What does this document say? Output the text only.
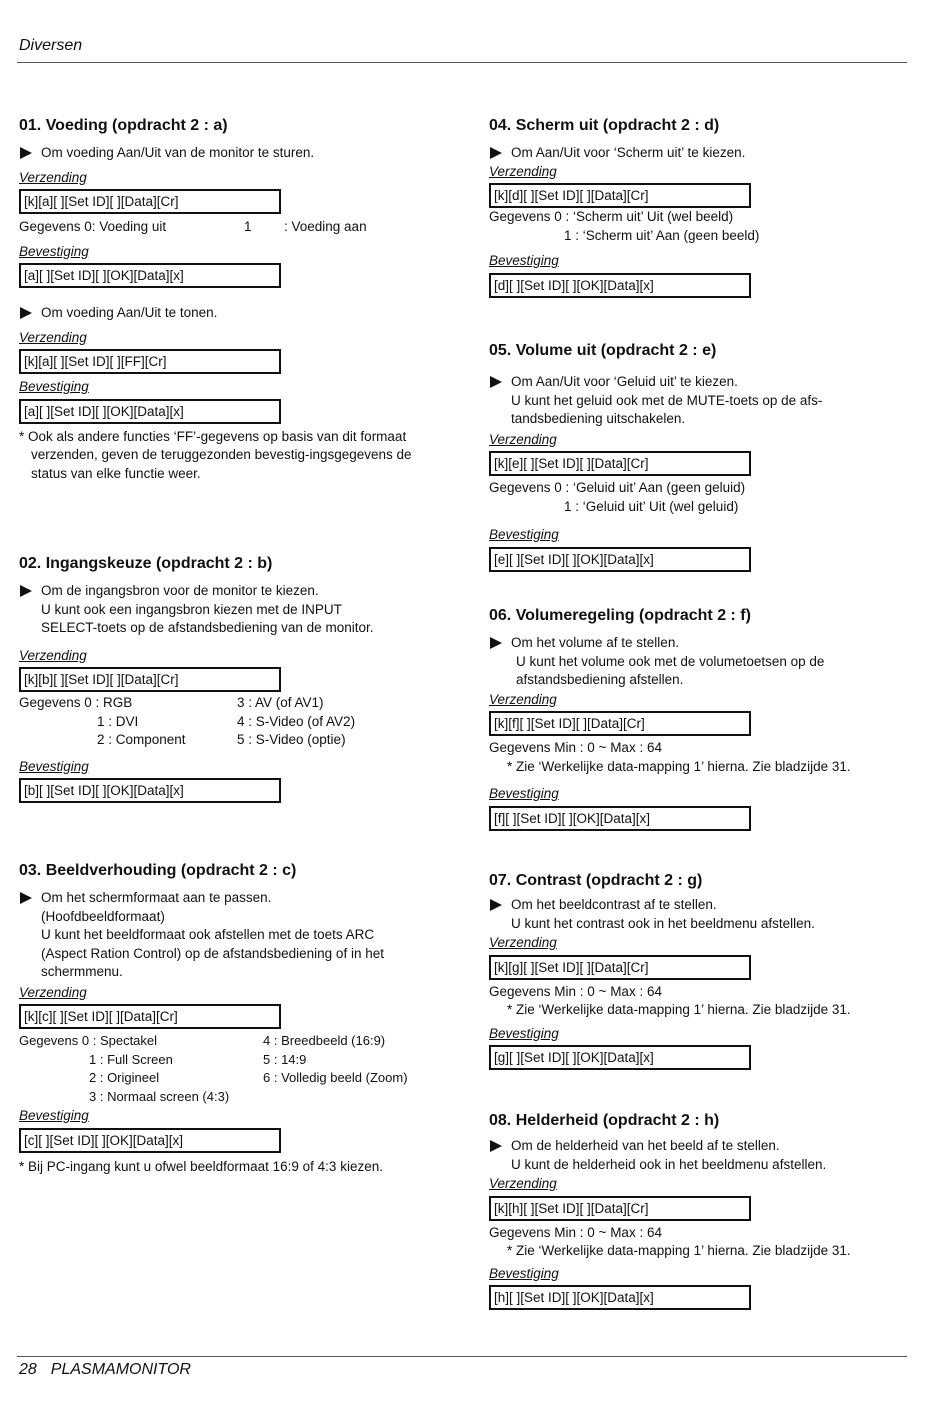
Diversen
01. Voeding (opdracht 2 : a)
Om voeding Aan/Uit van de monitor te sturen.
Verzending
[k][a][ ][Set ID][ ][Data][Cr]
Gegevens 0: Voeding uit	1	: Voeding aan
Bevestiging
[a][ ][Set ID][ ][OK][Data][x]
Om voeding Aan/Uit te tonen.
Verzending
[k][a][ ][Set ID][ ][FF][Cr]
Bevestiging
[a][ ][Set ID][ ][OK][Data][x]
* Ook als andere functies ‘FF’-gegevens op basis van dit formaat verzenden, geven de teruggezonden bevestig-ingsgegevens de status van elke functie weer.
02. Ingangskeuze (opdracht 2 : b)
Om de ingangsbron voor de monitor te kiezen.
U kunt ook een ingangsbron kiezen met de INPUT
SELECT-toets op de afstandsbediening van de monitor.
Verzending
[k][b][ ][Set ID][ ][Data][Cr]
Gegevens 0 : RGB	3 : AV (of AV1)
1 : DVI	4 : S-Video (of AV2)
2 : Component	5 : S-Video (optie)
Bevestiging
[b][ ][Set ID][ ][OK][Data][x]
03. Beeldverhouding (opdracht 2 : c)
Om het schermformaat aan te passen.
(Hoofdbeeldformaat)
U kunt het beeldformaat ook afstellen met de toets ARC
(Aspect Ration Control) op de afstandsbediening of in het
schermmenu.
Verzending
[k][c][ ][Set ID][ ][Data][Cr]
Gegevens 0 : Spectakel	4 : Breedbeeld (16:9)
1 : Full Screen	5 : 14:9
2 : Origineel	6 : Volledig beeld (Zoom)
3 : Normaal screen (4:3)
Bevestiging
[c][ ][Set ID][ ][OK][Data][x]
* Bij PC-ingang kunt u ofwel beeldformaat 16:9 of 4:3 kiezen.
04. Scherm uit (opdracht 2 : d)
Om Aan/Uit voor ‘Scherm uit’ te kiezen.
Verzending
[k][d][ ][Set ID][ ][Data][Cr]
Gegevens 0 : ‘Scherm uit’ Uit (wel beeld)
1 : ‘Scherm uit’ Aan (geen beeld)
Bevestiging
[d][ ][Set ID][ ][OK][Data][x]
05. Volume uit (opdracht 2 : e)
Om Aan/Uit voor ‘Geluid uit’ te kiezen.
U kunt het geluid ook met de MUTE-toets op de afs-
tandsbediening uitschakelen.
Verzending
[k][e][ ][Set ID][ ][Data][Cr]
Gegevens 0 : ‘Geluid uit’ Aan (geen geluid)
1 : ‘Geluid uit’ Uit (wel geluid)
Bevestiging
[e][ ][Set ID][ ][OK][Data][x]
06. Volumeregeling (opdracht 2 : f)
Om het volume af te stellen.
U kunt het volume ook met de volumetoetsen op de
afstandsbediening afstellen.
Verzending
[k][f][ ][Set ID][ ][Data][Cr]
Gegevens Min : 0 ~ Max : 64
* Zie ‘Werkelijke data-mapping 1’ hierna. Zie bladzijde 31.
Bevestiging
[f][ ][Set ID][ ][OK][Data][x]
07. Contrast (opdracht 2 : g)
Om het beeldcontrast af te stellen.
U kunt het contrast ook in het beeldmenu afstellen.
Verzending
[k][g][ ][Set ID][ ][Data][Cr]
Gegevens Min : 0 ~ Max : 64
* Zie ‘Werkelijke data-mapping 1’ hierna. Zie bladzijde 31.
Bevestiging
[g][ ][Set ID][ ][OK][Data][x]
08. Helderheid (opdracht 2 : h)
Om de helderheid van het beeld af te stellen.
U kunt de helderheid ook in het beeldmenu afstellen.
Verzending
[k][h][ ][Set ID][ ][Data][Cr]
Gegevens Min : 0 ~ Max : 64
* Zie ‘Werkelijke data-mapping 1’ hierna. Zie bladzijde 31.
Bevestiging
[h][ ][Set ID][ ][OK][Data][x]
28 PLASMAMONITOR
